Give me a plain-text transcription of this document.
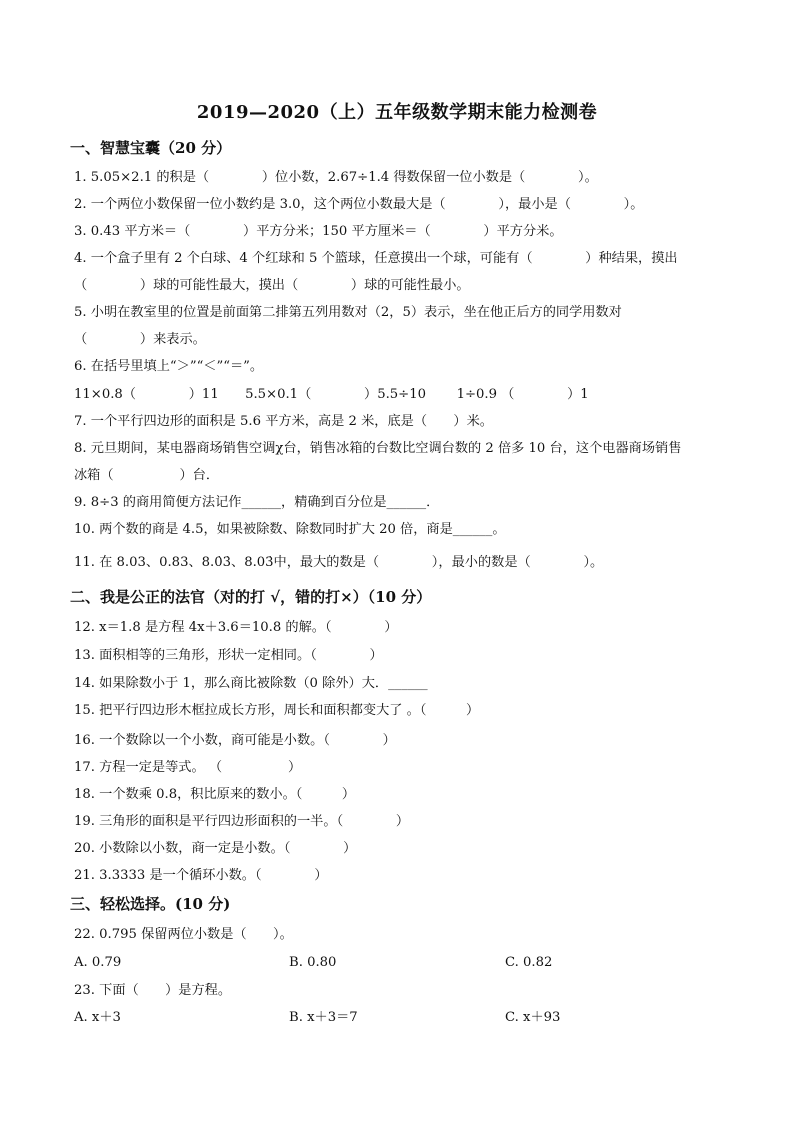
2019—2020（上）五年级数学期末能力检测卷
一、智慧宝囊（20 分）
1. 5.05×2.1 的积是（　　　　）位小数，2.67÷1.4 得数保留一位小数是（　　　　）。
2. 一个两位小数保留一位小数约是 3.0，这个两位小数最大是（　　　　），最小是（　　　　）。
3. 0.43 平方米＝（　　　　）平方分米；150 平方厘米＝（　　　　）平方分米。
4. 一个盒子里有 2 个白球、4 个红球和 5 个篮球，任意摸出一个球，可能有（　　　　）种结果，摸出
（　　　　）球的可能性最大，摸出（　　　　）球的可能性最小。
5. 小明在教室里的位置是前面第二排第五列用数对（2，5）表示，坐在他正后方的同学用数对
（　　　　）来表示。
6. 在括号里填上“＞”“＜”“＝”。
11×0.8（　　　　）11　　5.5×0.1（　　　　）5.5÷10　　 1÷0.9 （　　　　）1
7. 一个平行四边形的面积是 5.6 平方米，高是 2 米，底是（　　）米。
8. 元旦期间，某电器商场销售空调χ台，销售冰箱的台数比空调台数的 2 倍多 10 台，这个电器商场销售
冰箱（　　　　　）台．
9. 8÷3 的商用简便方法记作______，精确到百分位是______．
10. 两个数的商是 4.5，如果被除数、除数同时扩大 20 倍，商是______。
11. 在 8.03、0.83、8.0̇3̇、8.03̇中，最大的数是（　　　　），最小的数是（　　　　）。
二、我是公正的法官（对的打 √，错的打×）（10 分）
12. x＝1.8 是方程 4x＋3.6＝10.8 的解。（　　　　）
13. 面积相等的三角形，形状一定相同。（　　　　）
14. 如果除数小于 1，那么商比被除数（0 除外）大．______
15. 把平行四边形木框拉成长方形，周长和面积都变大了 。（　　　）
16. 一个数除以一个小数，商可能是小数。（　　　　）
17. 方程一定是等式。 （　　　　　）
18. 一个数乘 0.8，积比原来的数小。（　　　）
19. 三角形的面积是平行四边形面积的一半。（　　　　）
20. 小数除以小数，商一定是小数。（　　　　）
21. 3.3333 是一个循环小数。（　　　　）
三、轻松选择。(10 分)
22. 0.795 保留两位小数是（　　）。
A. 0.79	B. 0.80	C. 0.82
23. 下面（　　）是方程。
A. x＋3	B. x＋3＝7	C. x＋93
